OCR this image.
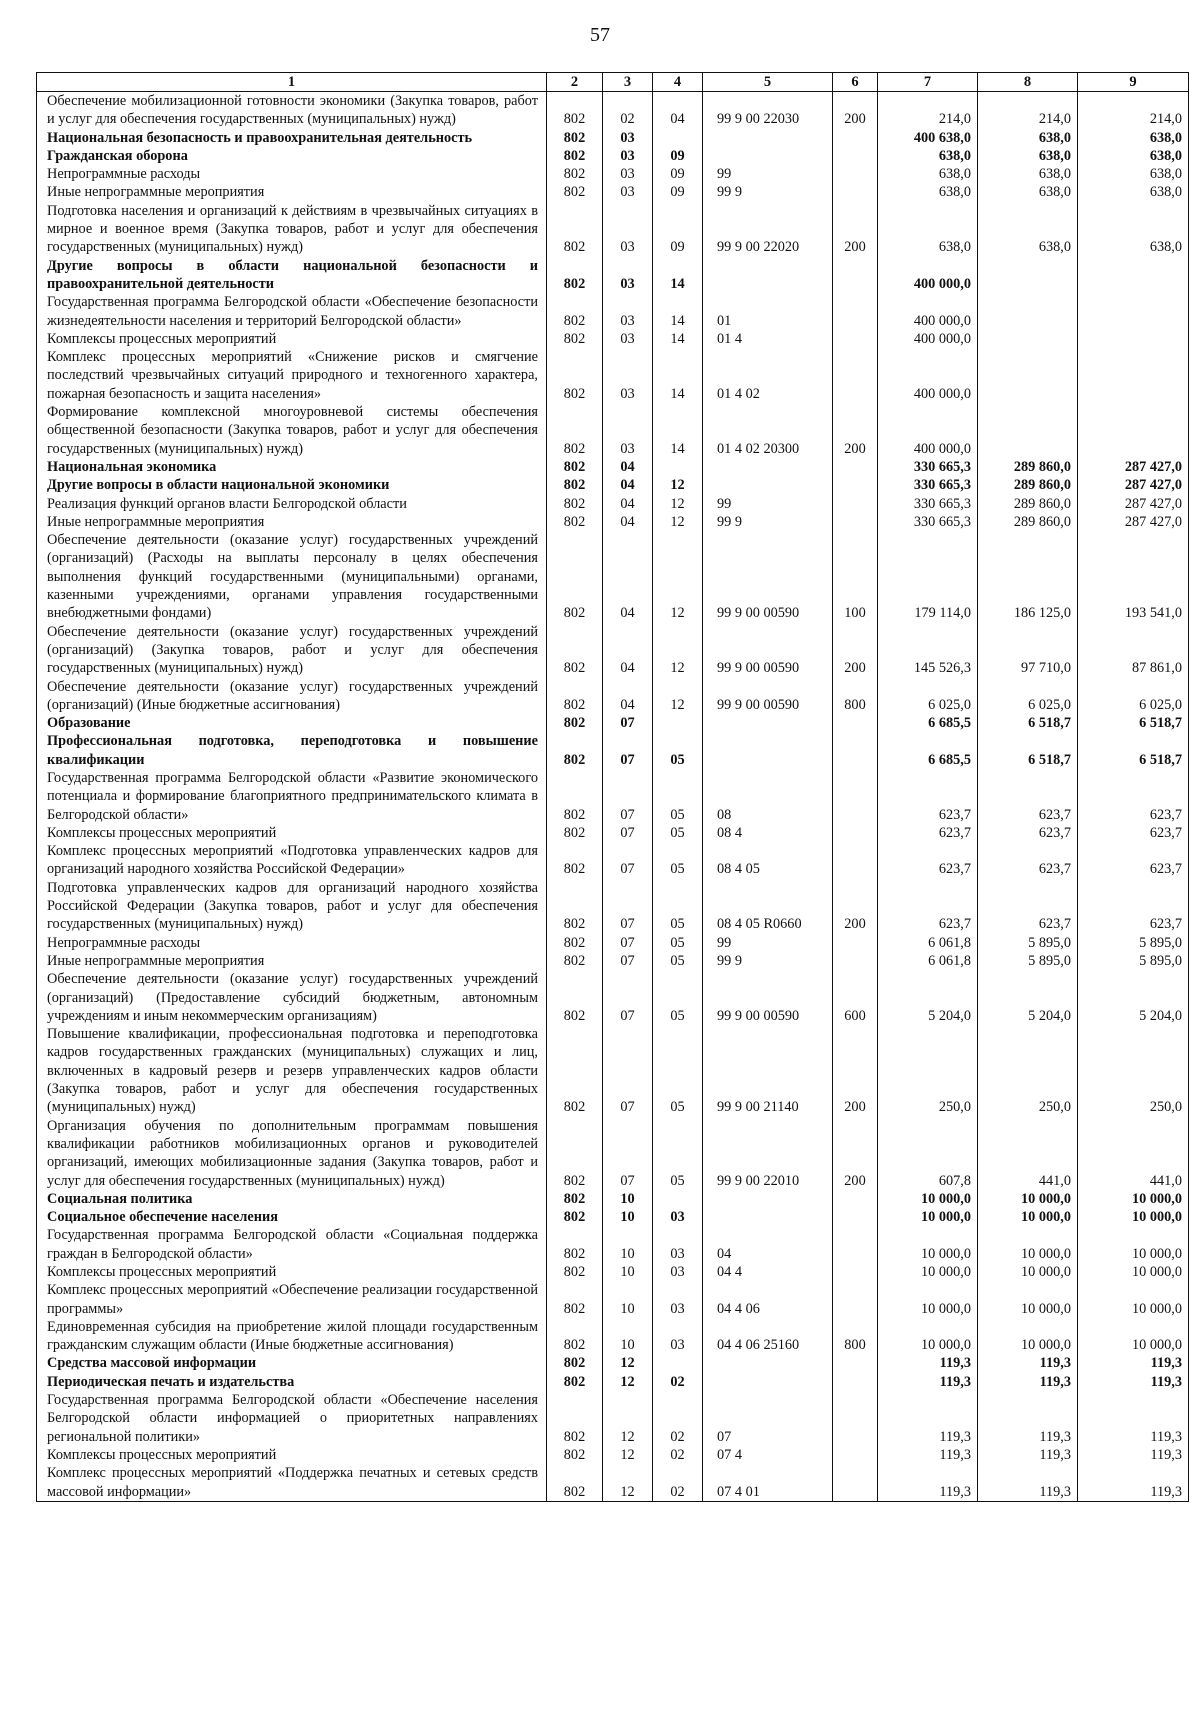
57
1	2	3	4	5	6	7	8	9
Обеспечение мобилизационной готовности экономики (Закупка товаров, работ и услуг для обеспечения государственных (муниципальных) нужд)	802	02	04	99 9 00 22030	200	214,0	214,0	214,0
Национальная безопасность и правоохранительная деятельность	802	03				400 638,0	638,0	638,0
Гражданская оборона	802	03	09			638,0	638,0	638,0
Непрограммные расходы	802	03	09	99		638,0	638,0	638,0
Иные непрограммные мероприятия	802	03	09	99 9		638,0	638,0	638,0
Подготовка населения и организаций к действиям в чрезвычайных ситуациях в мирное и военное время (Закупка товаров, работ и услуг для обеспечения государственных (муниципальных) нужд)	802	03	09	99 9 00 22020	200	638,0	638,0	638,0
Другие вопросы в области национальной безопасности и правоохранительной деятельности	802	03	14			400 000,0		
Государственная программа Белгородской области «Обеспечение безопасности жизнедеятельности населения и территорий Белгородской области»	802	03	14	01		400 000,0		
Комплексы процессных мероприятий	802	03	14	01 4		400 000,0		
Комплекс процессных мероприятий «Снижение рисков и смягчение последствий чрезвычайных ситуаций природного и техногенного характера, пожарная безопасность и защита населения»	802	03	14	01 4 02		400 000,0		
Формирование комплексной многоуровневой системы обеспечения общественной безопасности (Закупка товаров, работ и услуг для обеспечения государственных (муниципальных) нужд)	802	03	14	01 4 02 20300	200	400 000,0		
Национальная экономика	802	04				330 665,3	289 860,0	287 427,0
Другие вопросы в области национальной экономики	802	04	12			330 665,3	289 860,0	287 427,0
Реализация функций органов власти Белгородской области	802	04	12	99		330 665,3	289 860,0	287 427,0
Иные непрограммные мероприятия	802	04	12	99 9		330 665,3	289 860,0	287 427,0
Обеспечение деятельности (оказание услуг) государственных учреждений (организаций) (Расходы на выплаты персоналу в целях обеспечения выполнения функций государственными (муниципальными) органами, казенными учреждениями, органами управления государственными внебюджетными фондами)	802	04	12	99 9 00 00590	100	179 114,0	186 125,0	193 541,0
Обеспечение деятельности (оказание услуг) государственных учреждений (организаций) (Закупка товаров, работ и услуг для обеспечения государственных (муниципальных) нужд)	802	04	12	99 9 00 00590	200	145 526,3	97 710,0	87 861,0
Обеспечение деятельности (оказание услуг) государственных учреждений (организаций) (Иные бюджетные ассигнования)	802	04	12	99 9 00 00590	800	6 025,0	6 025,0	6 025,0
Образование	802	07				6 685,5	6 518,7	6 518,7
Профессиональная подготовка, переподготовка и повышение квалификации	802	07	05			6 685,5	6 518,7	6 518,7
Государственная программа Белгородской области «Развитие экономического потенциала и формирование благоприятного предпринимательского климата в Белгородской области»	802	07	05	08		623,7	623,7	623,7
Комплексы процессных мероприятий	802	07	05	08 4		623,7	623,7	623,7
Комплекс процессных мероприятий «Подготовка управленческих кадров для организаций народного хозяйства Российской Федерации»	802	07	05	08 4 05		623,7	623,7	623,7
Подготовка управленческих кадров для организаций народного хозяйства Российской Федерации (Закупка товаров, работ и услуг для обеспечения государственных (муниципальных) нужд)	802	07	05	08 4 05 R0660	200	623,7	623,7	623,7
Непрограммные расходы	802	07	05	99		6 061,8	5 895,0	5 895,0
Иные непрограммные мероприятия	802	07	05	99 9		6 061,8	5 895,0	5 895,0
Обеспечение деятельности (оказание услуг) государственных учреждений (организаций) (Предоставление субсидий бюджетным, автономным учреждениям и иным некоммерческим организациям)	802	07	05	99 9 00 00590	600	5 204,0	5 204,0	5 204,0
Повышение квалификации, профессиональная подготовка и переподготовка кадров государственных гражданских (муниципальных) служащих и лиц, включенных в кадровый резерв и резерв управленческих кадров области (Закупка товаров, работ и услуг для обеспечения государственных (муниципальных) нужд)	802	07	05	99 9 00 21140	200	250,0	250,0	250,0
Организация обучения по дополнительным программам повышения квалификации работников мобилизационных органов и руководителей организаций, имеющих мобилизационные задания (Закупка товаров, работ и услуг для обеспечения государственных (муниципальных) нужд)	802	07	05	99 9 00 22010	200	607,8	441,0	441,0
Социальная политика	802	10				10 000,0	10 000,0	10 000,0
Социальное обеспечение населения	802	10	03			10 000,0	10 000,0	10 000,0
Государственная программа Белгородской области «Социальная поддержка граждан в Белгородской области»	802	10	03	04		10 000,0	10 000,0	10 000,0
Комплексы процессных мероприятий	802	10	03	04 4		10 000,0	10 000,0	10 000,0
Комплекс процессных мероприятий «Обеспечение реализации государственной программы»	802	10	03	04 4 06		10 000,0	10 000,0	10 000,0
Единовременная субсидия на приобретение жилой площади государственным гражданским служащим области (Иные бюджетные ассигнования)	802	10	03	04 4 06 25160	800	10 000,0	10 000,0	10 000,0
Средства массовой информации	802	12				119,3	119,3	119,3
Периодическая печать и издательства	802	12	02			119,3	119,3	119,3
Государственная программа Белгородской области «Обеспечение населения Белгородской области информацией о приоритетных направлениях региональной политики»	802	12	02	07		119,3	119,3	119,3
Комплексы процессных мероприятий	802	12	02	07 4		119,3	119,3	119,3
Комплекс процессных мероприятий «Поддержка печатных и сетевых средств массовой информации»	802	12	02	07 4 01		119,3	119,3	119,3
